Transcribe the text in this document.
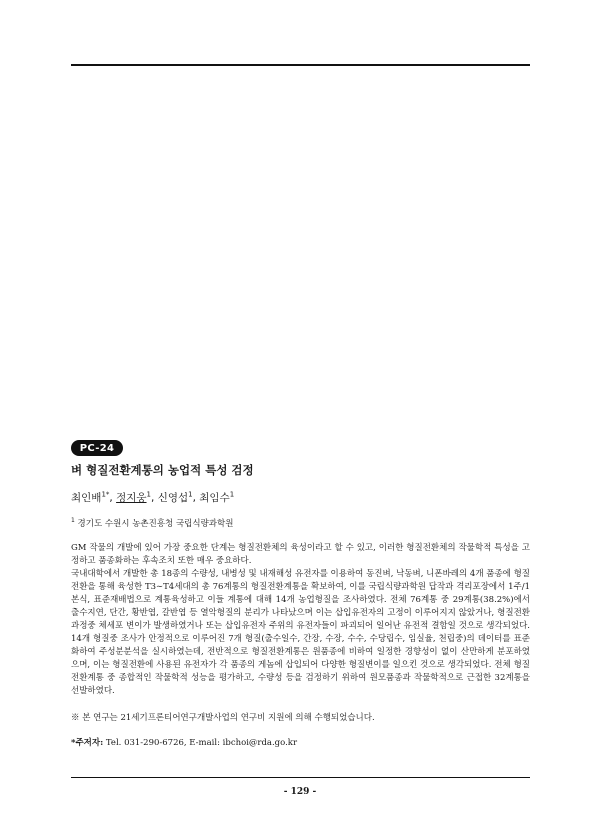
PC-24
벼 형질전환계통의 농업적 특성 검정
최인배$^{1*}$, 정지웅$^1$, 신영섭$^1$, 최임수$^1$
$^1$ 경기도 수원시 농촌진흥청 국립식량과학원

GM 작물의 개발에 있어 가장 중요한 단계는 형질전환체의 육성이라고 할 수 있고, 이러한 형질전환체의 작물학적 특성을 고정하고 품종화하는 후속조치 또한 매우 중요하다.

국내대학에서 개발한 총 18종의 수량성, 내병성 및 내재해성 유전자를 이용하여 동진벼, 낙동벼, 니폰바레의 4개 품종에 형질전환을 통해 육성한 T3∼T4세대의 총 76계통의 형질전환계통을 확보하여, 이를 국립식량과학원 답작과 격리포장에서 1주/1본식, 표준재배법으로 계통육성하고 이들 계통에 대해 14개 농업형질을 조사하였다. 전체 76계통 중 29계통(38.2%)에서 출수지연, 단간, 황반엽, 갈반엽 등 열악형질의 분리가 나타났으며 이는 삽입유전자의 고정이 이루어지지 않았거나, 형질전환 과정중 체세포 변이가 발생하였거나 또는 삽입유전자 주위의 유전자들이 파괴되어 일어난 유전적 결함일 것으로 생각되었다. 14개 형질중 조사가 안정적으로 이루어진 7개 형질(출수일수, 간장, 수장, 수수, 수당립수, 임실율, 천립중)의 데이터를 표준화하여 주성분분석을 실시하였는데, 전반적으로 형질전환계통은 원품종에 비하여 일정한 경향성이 없이 산만하게 분포하였으며, 이는 형질전환에 사용된 유전자가 각 품종의 게놈에 삽입되어 다양한 형질변이를 일으킨 것으로 생각되었다. 전체 형질전환계통 중 종합적인 작물학적 성능을 평가하고, 수량성 등을 검정하기 위하여 원모품종과 작물학적으로 근접한 32계통을 선발하였다.

※ 본 연구는 21세기프론티어연구개발사업의 연구비 지원에 의해 수행되었습니다.
*주저자: Tel. 031-290-6726, E-mail: ibchoi@rda.go.kr
- 129 -
